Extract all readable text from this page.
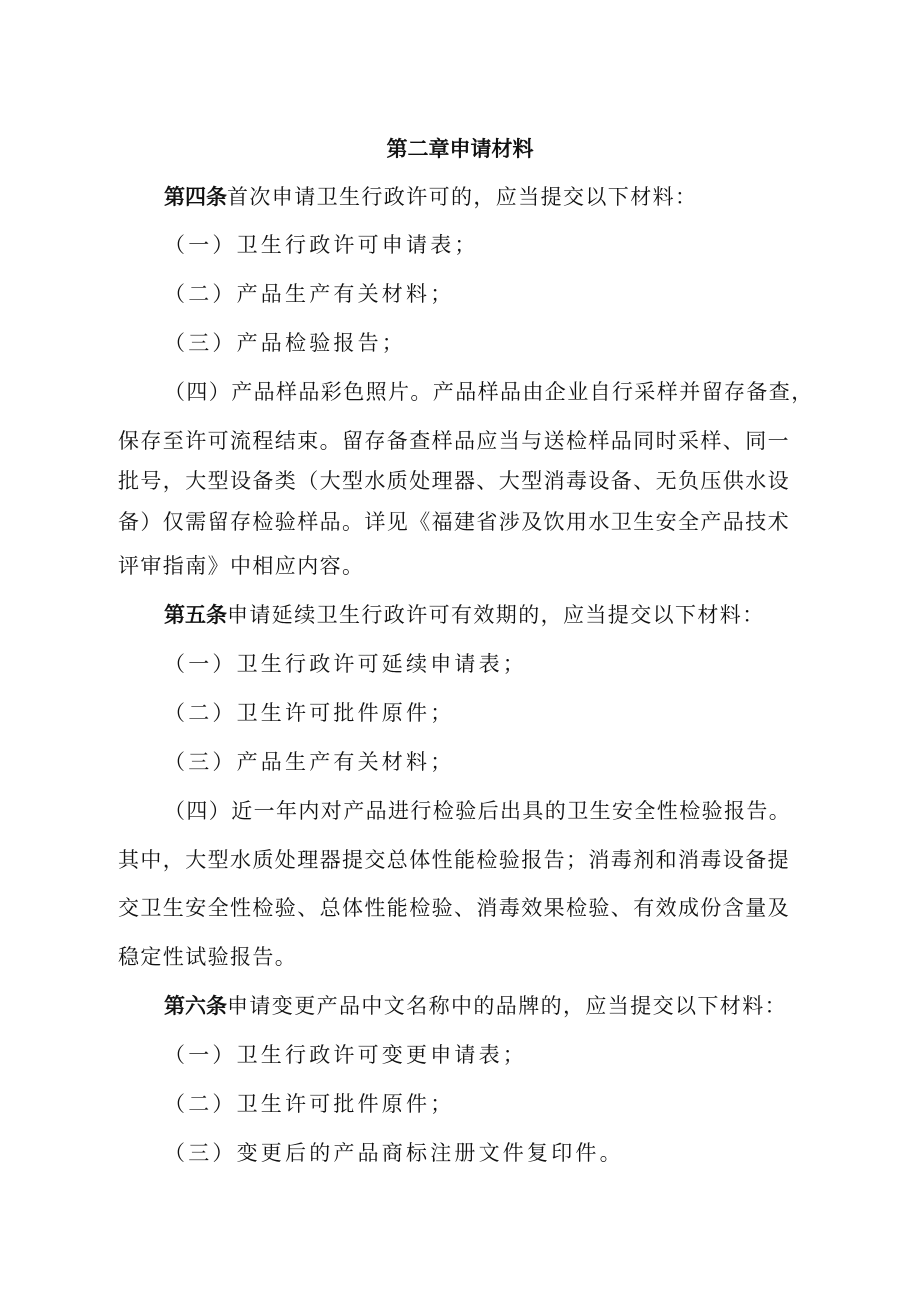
第二章申请材料

第四条首次申请卫生行政许可的，应当提交以下材料：

（一）卫生行政许可申请表；

（二）产品生产有关材料；

（三）产品检验报告；

（四）产品样品彩色照片。产品样品由企业自行采样并留存备查，

保存至许可流程结束。留存备查样品应当与送检样品同时采样、同一

批号，大型设备类（大型水质处理器、大型消毒设备、无负压供水设

备）仅需留存检验样品。详见《福建省涉及饮用水卫生安全产品技术

评审指南》中相应内容。

第五条申请延续卫生行政许可有效期的，应当提交以下材料：

（一）卫生行政许可延续申请表；

（二）卫生许可批件原件；

（三）产品生产有关材料；

（四）近一年内对产品进行检验后出具的卫生安全性检验报告。

其中，大型水质处理器提交总体性能检验报告；消毒剂和消毒设备提

交卫生安全性检验、总体性能检验、消毒效果检验、有效成份含量及

稳定性试验报告。

第六条申请变更产品中文名称中的品牌的，应当提交以下材料：

（一）卫生行政许可变更申请表；

（二）卫生许可批件原件；

（三）变更后的产品商标注册文件复印件。
